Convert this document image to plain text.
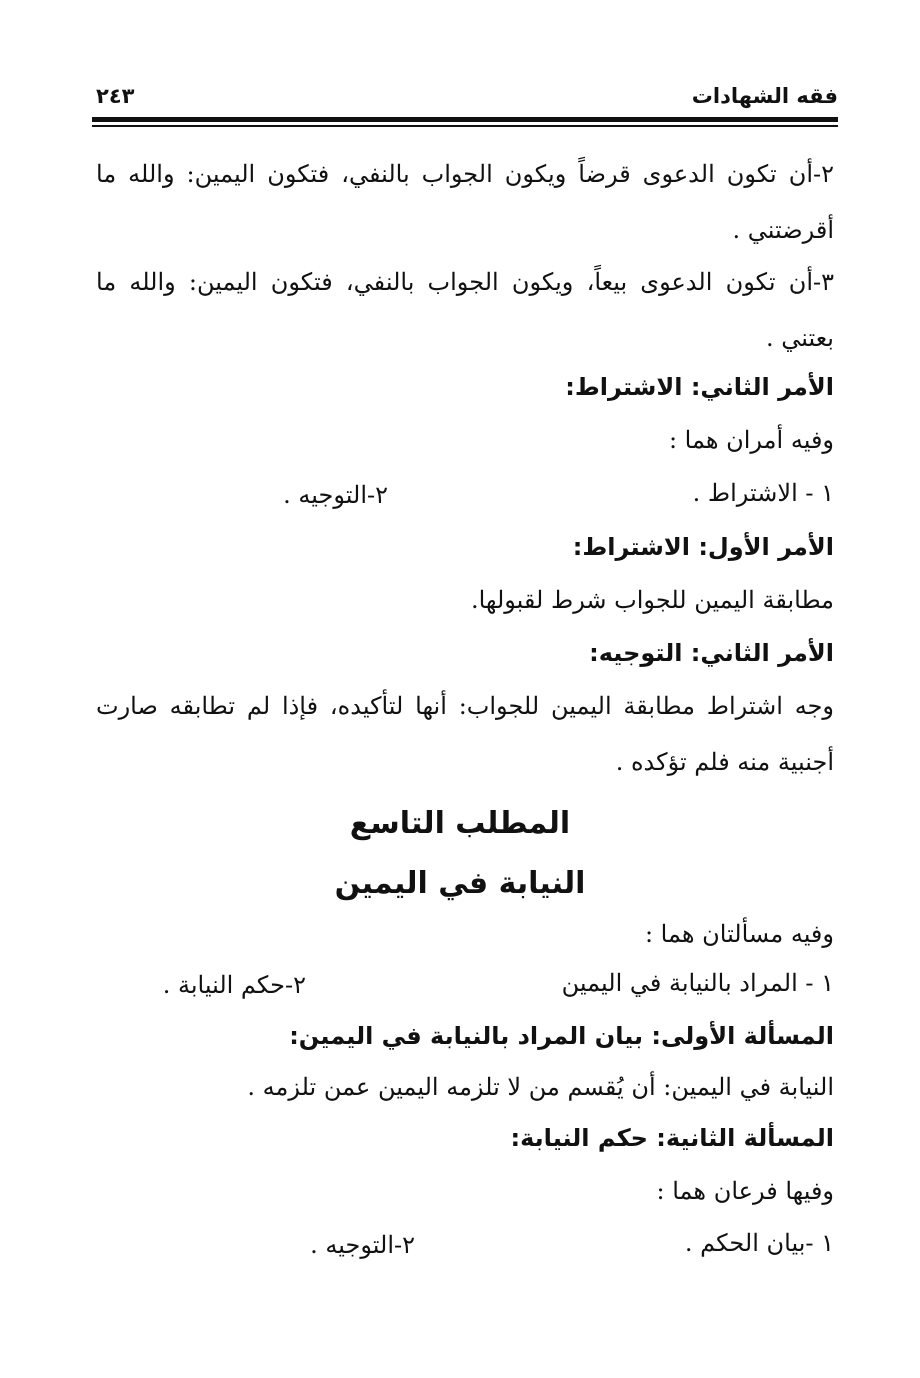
فقه الشهادات
٢٤٣
٢-أن تكون الدعوى قرضاً ويكون الجواب بالنفي، فتكون اليمين: والله ما
أقرضتني .
٣-أن تكون الدعوى بيعاً، ويكون الجواب بالنفي، فتكون اليمين: والله ما
بعتني .
الأمر الثاني: الاشتراط:
وفيه أمران هما :
١ - الاشتراط .
٢-التوجيه .
الأمر الأول: الاشتراط:
مطابقة اليمين للجواب شرط لقبولها.
الأمر الثاني: التوجيه:
وجه اشتراط مطابقة اليمين للجواب: أنها لتأكيده، فإذا لم تطابقه صارت
أجنبية منه فلم تؤكده .
المطلب التاسع
النيابة في اليمين
وفيه مسألتان هما :
١ - المراد بالنيابة في اليمين
٢-حكم النيابة .
المسألة الأولى: بيان المراد بالنيابة في اليمين:
النيابة في اليمين: أن يُقسم من لا تلزمه اليمين عمن تلزمه .
المسألة الثانية: حكم النيابة:
وفيها فرعان هما :
١ -بيان الحكم .
٢-التوجيه .
